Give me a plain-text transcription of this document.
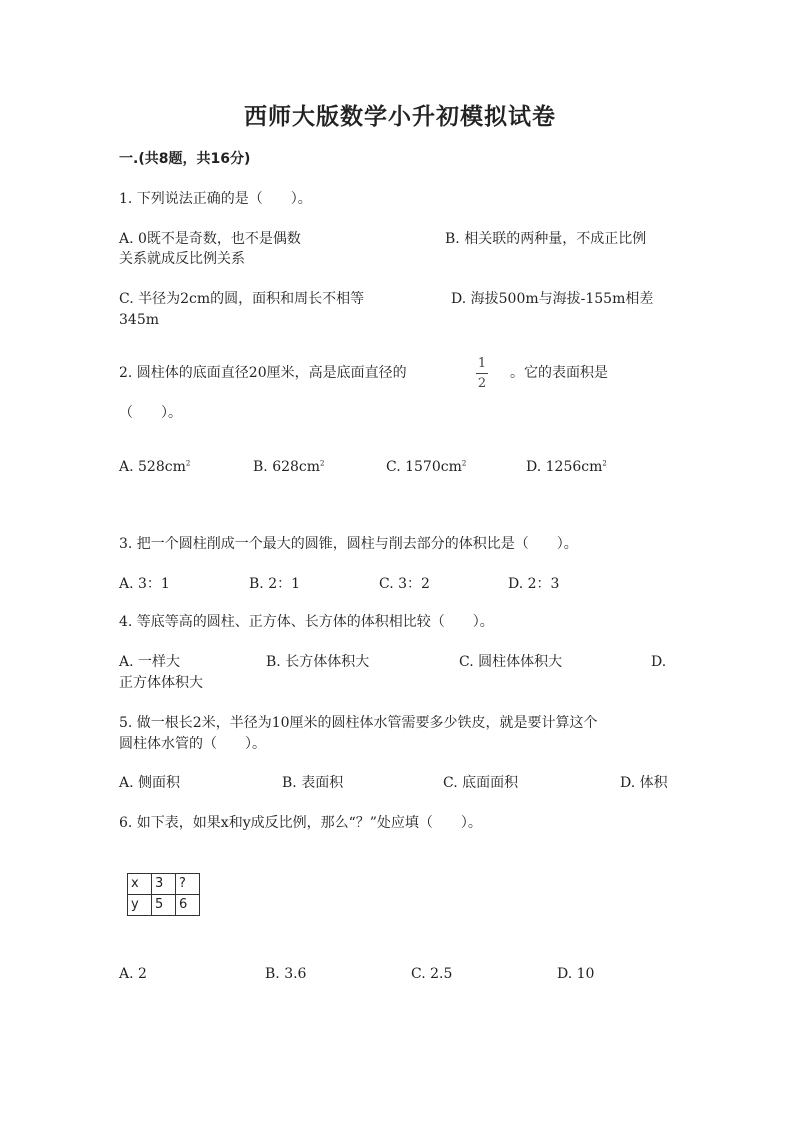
西师大版数学小升初模拟试卷
一.(共8题，共16分)
1. 下列说法正确的是（　　）。
A. 0既不是奇数，也不是偶数	B. 相关联的两种量，不成正比例
关系就成反比例关系
C. 半径为2cm的圆，面积和周长不相等	D. 海拔500m与海拔-155m相差
345m
2. 圆柱体的底面直径20厘米，高是底面直径的
1
2
。它的表面积是
（　　）。
A. $528cm^2$	B. $628cm^2$	C. $1570cm^2$	D. $1256cm^2$
3. 把一个圆柱削成一个最大的圆锥，圆柱与削去部分的体积比是（　　）。
A. 3：1	B. 2：1	C. 3：2	D. 2：3
4. 等底等高的圆柱、正方体、长方体的体积相比较（　　）。
A. 一样大	B. 长方体体积大	C. 圆柱体体积大	D.
正方体体积大
5. 做一根长2米，半径为10厘米的圆柱体水管需要多少铁皮，就是要计算这个
圆柱体水管的（　　）。
A. 侧面积	B. 表面积	C. 底面面积	D. 体积
6. 如下表，如果x和y成反比例，那么“？”处应填（　　）。
x	3	?
y	5	6
A. 2	B. 3.6	C. 2.5	D. 10
